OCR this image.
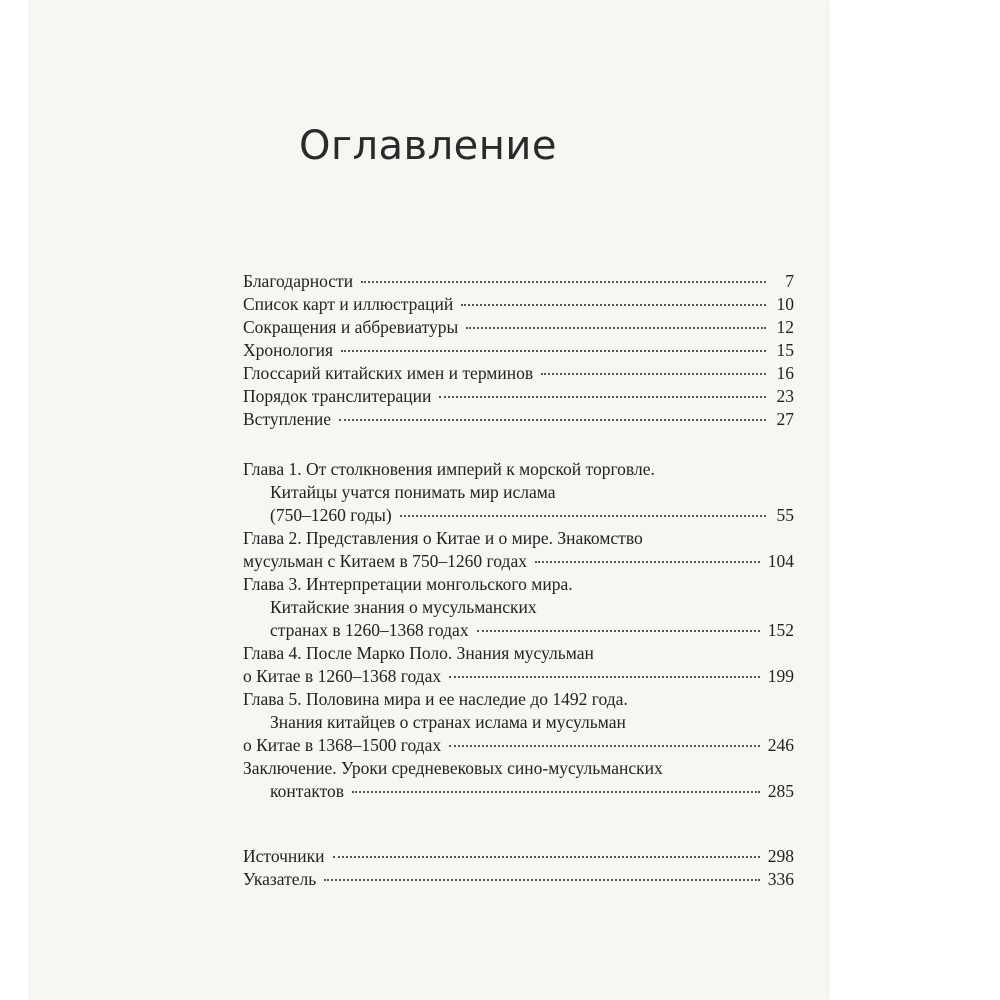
Оглавление
Благодарности	7
Список карт и иллюстраций	10
Сокращения и аббревиатуры	12
Хронология	15
Глоссарий китайских имен и терминов	16
Порядок транслитерации	23
Вступление	27
Глава 1. От столкновения империй к морской торговле.
Китайцы учатся понимать мир ислама
(750–1260 годы)	55
Глава 2. Представления о Китае и о мире. Знакомство
мусульман с Китаем в 750–1260 годах	104
Глава 3. Интерпретации монгольского мира.
Китайские знания о мусульманских
странах в 1260–1368 годах	152
Глава 4. После Марко Поло. Знания мусульман
о Китае в 1260–1368 годах	199
Глава 5. Половина мира и ее наследие до 1492 года.
Знания китайцев о странах ислама и мусульман
о Китае в 1368–1500 годах	246
Заключение. Уроки средневековых сино-мусульманских
контактов	285
Источники	298
Указатель	336
